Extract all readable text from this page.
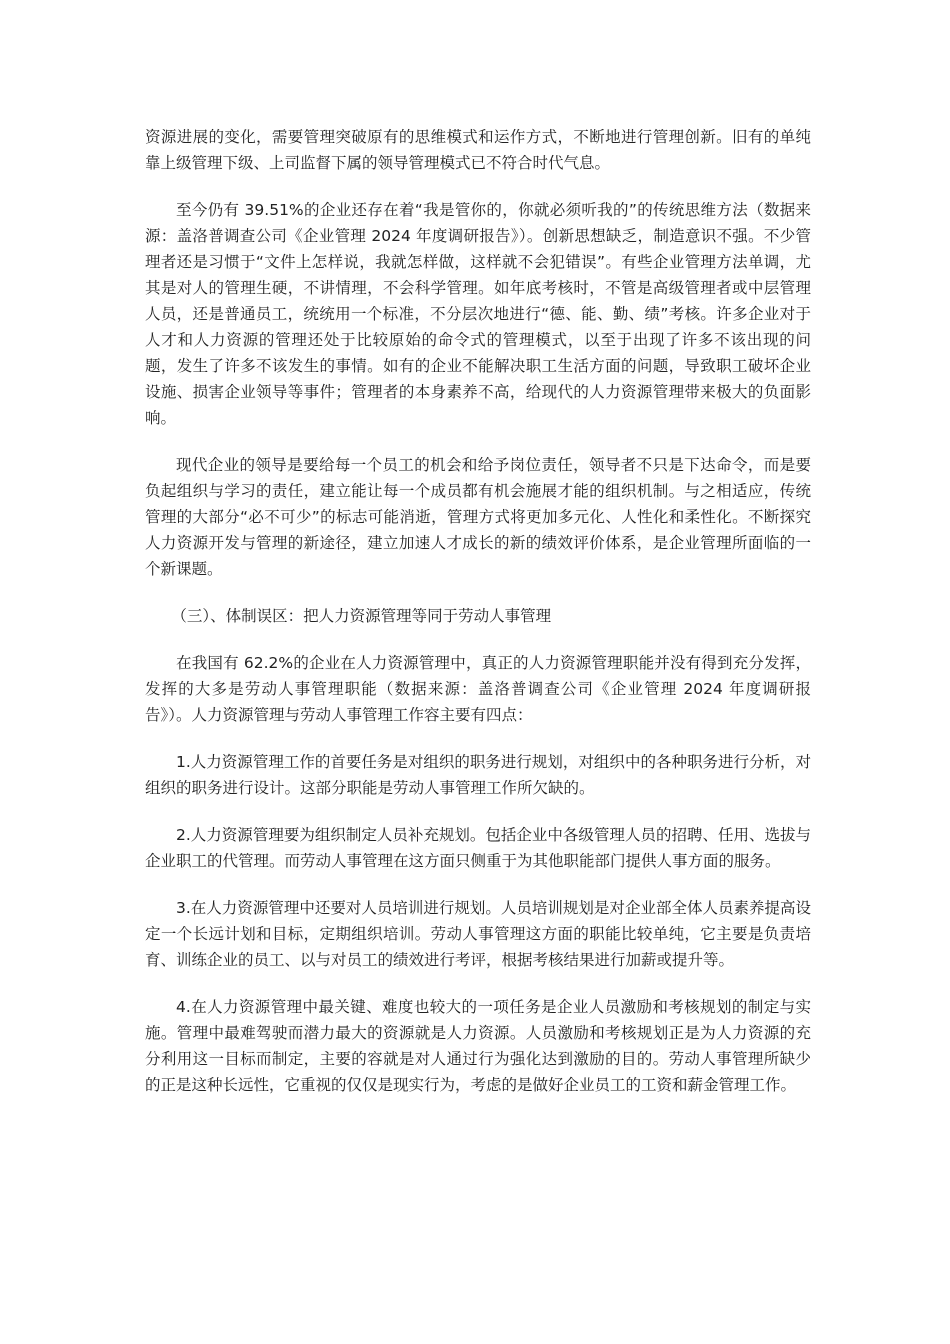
资源进展的变化，需要管理突破原有的思维模式和运作方式，不断地进行管理创新。旧有的单纯靠上级管理下级、上司监督下属的领导管理模式已不符合时代气息。

至今仍有 39.51%的企业还存在着“我是管你的，你就必须听我的”的传统思维方法（数据来源：盖洛普调查公司《企业管理 2024 年度调研报告》）。创新思想缺乏，制造意识不强。不少管理者还是习惯于“文件上怎样说，我就怎样做，这样就不会犯错误”。有些企业管理方法单调，尤其是对人的管理生硬，不讲情理，不会科学管理。如年底考核时，不管是高级管理者或中层管理人员，还是普通员工，统统用一个标准，不分层次地进行“德、能、勤、绩”考核。许多企业对于人才和人力资源的管理还处于比较原始的命令式的管理模式，以至于出现了许多不该出现的问题，发生了许多不该发生的事情。如有的企业不能解决职工生活方面的问题，导致职工破坏企业设施、损害企业领导等事件；管理者的本身素养不高，给现代的人力资源管理带来极大的负面影响。

现代企业的领导是要给每一个员工的机会和给予岗位责任，领导者不只是下达命令，而是要负起组织与学习的责任，建立能让每一个成员都有机会施展才能的组织机制。与之相适应，传统管理的大部分“必不可少”的标志可能消逝，管理方式将更加多元化、人性化和柔性化。不断探究人力资源开发与管理的新途径，建立加速人才成长的新的绩效评价体系，是企业管理所面临的一个新课题。

（三）、体制误区：把人力资源管理等同于劳动人事管理

在我国有 62.2%的企业在人力资源管理中，真正的人力资源管理职能并没有得到充分发挥，发挥的大多是劳动人事管理职能（数据来源：盖洛普调查公司《企业管理 2024 年度调研报告》）。人力资源管理与劳动人事管理工作容主要有四点：

1.人力资源管理工作的首要任务是对组织的职务进行规划，对组织中的各种职务进行分析，对组织的职务进行设计。这部分职能是劳动人事管理工作所欠缺的。

2.人力资源管理要为组织制定人员补充规划。包括企业中各级管理人员的招聘、任用、选拔与企业职工的代管理。而劳动人事管理在这方面只侧重于为其他职能部门提供人事方面的服务。

3.在人力资源管理中还要对人员培训进行规划。人员培训规划是对企业部全体人员素养提高设定一个长远计划和目标，定期组织培训。劳动人事管理这方面的职能比较单纯，它主要是负责培育、训练企业的员工、以与对员工的绩效进行考评，根据考核结果进行加薪或提升等。

4.在人力资源管理中最关键、难度也较大的一项任务是企业人员激励和考核规划的制定与实施。管理中最难驾驶而潜力最大的资源就是人力资源。人员激励和考核规划正是为人力资源的充分利用这一目标而制定，主要的容就是对人通过行为强化达到激励的目的。劳动人事管理所缺少的正是这种长远性，它重视的仅仅是现实行为，考虑的是做好企业员工的工资和薪金管理工作。
